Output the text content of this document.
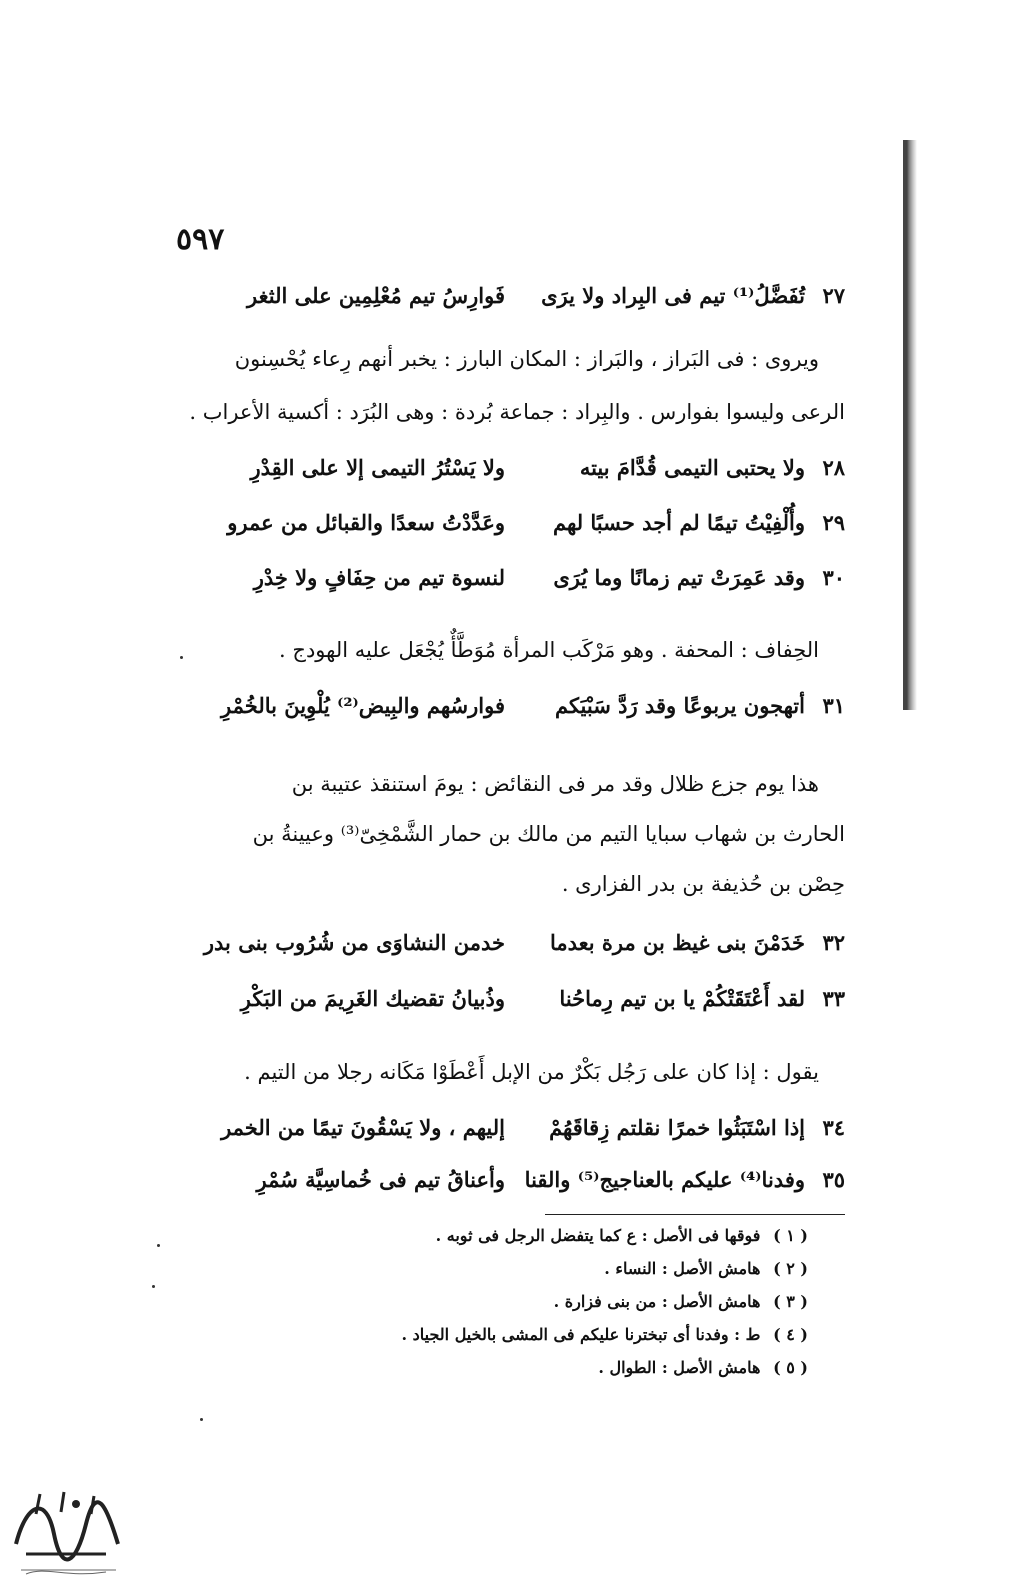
٥٩٧
٢٧
تُفَضَّلُ⁽¹⁾ تيم فى البِراد ولا يرَى
فَوارِسُ تيم مُعْلِمِين على الثغر
ويروى : فى البَراز ، والبَراز : المكان البارز : يخبر أنهم رِعاء يُحْسِنون
الرعى وليسوا بفوارس . والبِراد : جماعة بُردة : وهى البُرَد : أكسية الأعراب .
٢٨
ولا يحتبى التيمى قُدَّامَ بيته
ولا يَسْتُرُ التيمى إلا على القِدْرِ
٢٩
وأُلْفِيْتُ تيمًا لم أجد حسبًا لهم
وعَدَّدْتُ سعدًا والقبائل من عمرو
٣٠
وقد عَمِرَتْ تيم زمانًا وما يُرَى
لنسوة تيم من حِفَافٍ ولا خِدْرِ
الحِفاف : المحفة . وهو مَرْكَب المرأة مُوَطَّأٌ يُجْعَل عليه الهودج .
٣١
أتهجون يربوعًا وقد رَدَّ سَبْيَكم
فوارسُهم والبِيض⁽²⁾ يُلْوِينَ بالخُمْرِ
هذا يوم جزع ظلال وقد مر فى النقائض : يومَ استنقذ عتيبة بن
الحارث بن شهاب سبايا التيم من مالك بن حمار الشَّمْخِىّ⁽³⁾ وعيينةُ بن
حِصْن بن حُذيفة بن بدر الفزارى .
٣٢
خَدَمْنَ بنى غيظ بن مرة بعدما
خدمن النشاوَى من شُرُوب بنى بدر
٣٣
لقد أَعْتَقَتْكُمْ يا بن تيم رِماحُنا
وذُبيانُ تقضيك الغَرِيمَ من البَكْرِ
يقول : إذا كان على رَجُل بَكْرٌ من الإبل أَعْطَوْا مَكَانه رجلا من التيم .
٣٤
إذا اسْتَبَثُوا خمرًا نقلتم زِقاقَهُمْ
إليهم ، ولا يَسْقُونَ تيمًا من الخمر
٣٥
وفدنا⁽⁴⁾ عليكم بالعناجيج⁽⁵⁾ والقنا
وأعناقُ تيم فى خُماسِيَّة سُمْرِ
( ١ ) فوقها فى الأصل : ع كما يتفضل الرجل فى ثوبه .
( ٢ ) هامش الأصل : النساء .
( ٣ ) هامش الأصل : من بنى فزارة .
( ٤ ) ط : وفدنا أى تبخترنا عليكم فى المشى بالخيل الجياد .
( ٥ ) هامش الأصل : الطوال .
